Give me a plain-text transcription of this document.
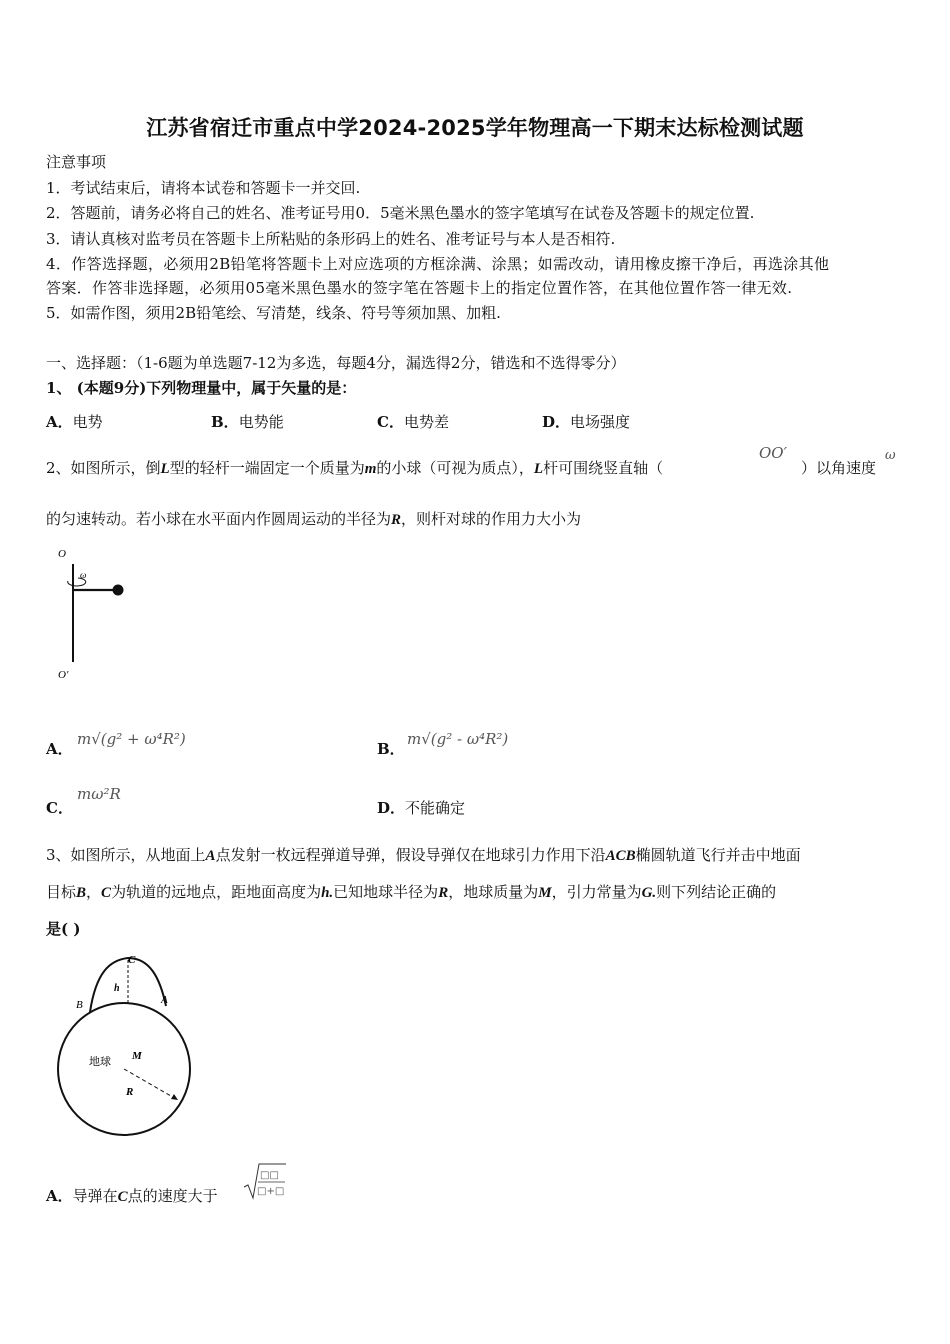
江苏省宿迁市重点中学2024-2025学年物理高一下期末达标检测试题
注意事项
1．考试结束后，请将本试卷和答题卡一并交回.
2．答题前，请务必将自己的姓名、准考证号用0．5毫米黑色墨水的签字笔填写在试卷及答题卡的规定位置.
3．请认真核对监考员在答题卡上所粘贴的条形码上的姓名、准考证号与本人是否相符.
4．作答选择题，必须用2B铅笔将答题卡上对应选项的方框涂满、涂黑；如需改动，请用橡皮擦干净后，再选涂其他
答案．作答非选择题，必须用05毫米黑色墨水的签字笔在答题卡上的指定位置作答，在其他位置作答一律无效.
5．如需作图，须用2B铅笔绘、写清楚，线条、符号等须加黑、加粗.
一、选择题：（1-6题为单选题7-12为多选，每题4分，漏选得2分，错选和不选得零分）
1、 (本题9分)下列物理量中，属于矢量的是：
A．电势	B．电势能	C．电势差	D．电场强度
2、如图所示，倒L型的轻杆一端固定一个质量为m的小球（可视为质点），L杆可围绕竖直轴（
OO′
）以角速度
ω
的匀速转动。若小球在水平面内作圆周运动的半径为R，则杆对球的作用力大小为
O
ω
O′
A．
m√(g² + ω⁴R²)
B．
m√(g² - ω⁴R²)
C．
mω²R
D．不能确定
3、如图所示，从地面上A点发射一枚远程弹道导弹，假设导弹仅在地球引力作用下沿ACB椭圆轨道飞行并击中地面
目标B，C为轨道的远地点，距地面高度为h.已知地球半径为R，地球质量为M，引力常量为G.则下列结论正确的
是( )
C
h
B	A
地球 M
R
A．导弹在C点的速度大于
□□
□+□
